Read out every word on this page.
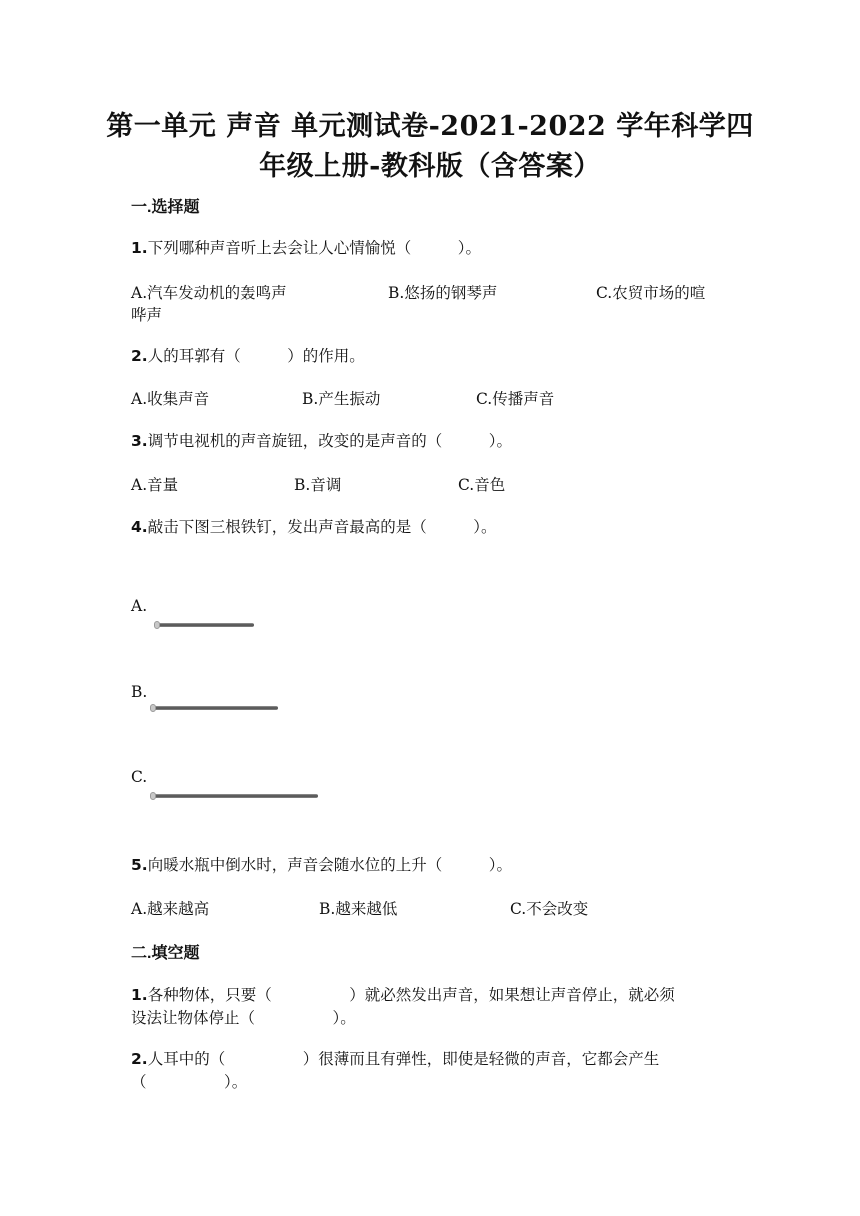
第一单元 声音 单元测试卷-2021-2022 学年科学四
年级上册-教科版（含答案）
一.选择题
1.下列哪种声音听上去会让人心情愉悦（　　　）。
A.汽车发动机的轰鸣声	B.悠扬的钢琴声	C.农贸市场的喧
哗声
2.人的耳郭有（　　　）的作用。
A.收集声音	B.产生振动	C.传播声音
3.调节电视机的声音旋钮，改变的是声音的（　　　）。
A.音量	B.音调	C.音色
4.敲击下图三根铁钉，发出声音最高的是（　　　）。
A.
B.
C.
5.向暖水瓶中倒水时，声音会随水位的上升（　　　）。
A.越来越高	B.越来越低	C.不会改变
二.填空题
1.各种物体，只要（　　　　　）就必然发出声音，如果想让声音停止，就必须
设法让物体停止（　　　　　）。
2.人耳中的（　　　　　）很薄而且有弹性，即使是轻微的声音，它都会产生
（　　　　　）。
